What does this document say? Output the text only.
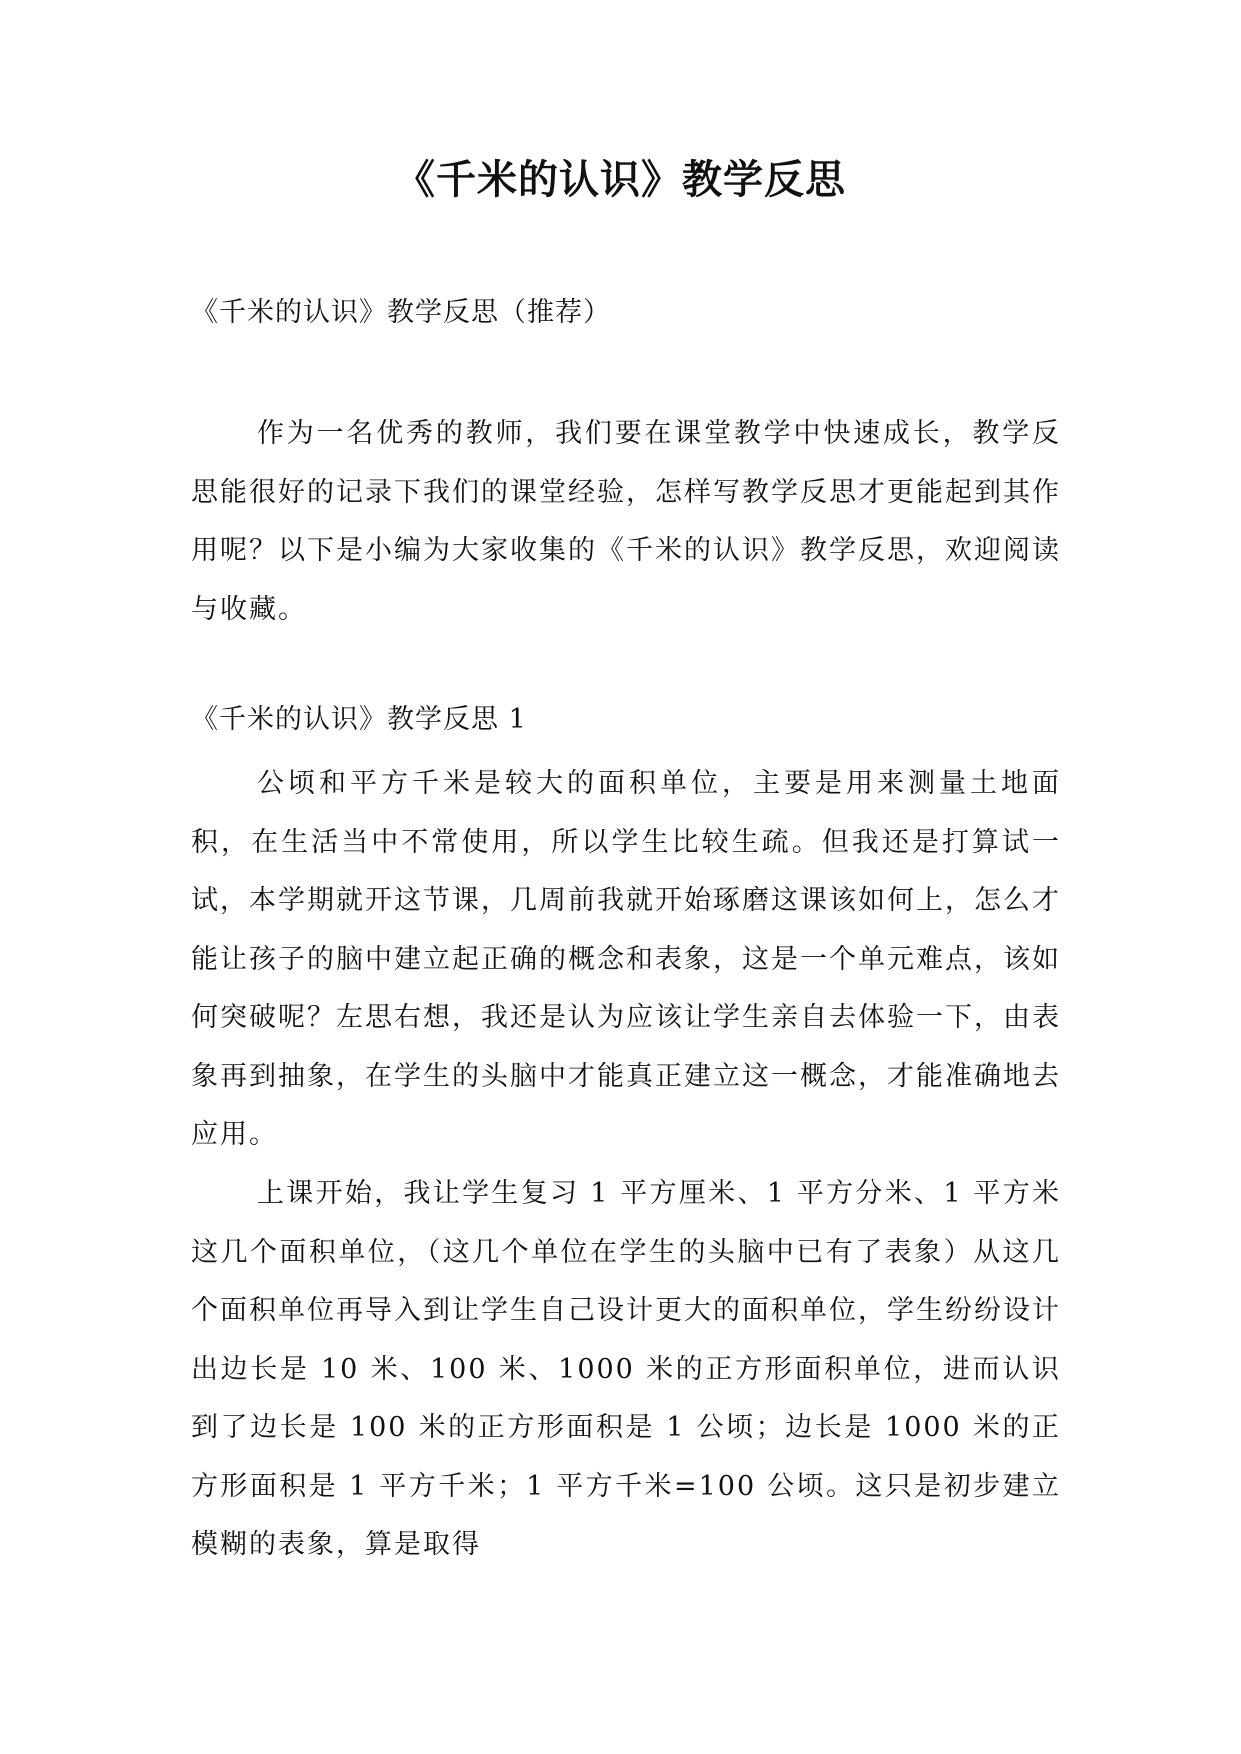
《千米的认识》教学反思
《千米的认识》教学反思（推荐）

作为一名优秀的教师，我们要在课堂教学中快速成长，教学反思能很好的记录下我们的课堂经验，怎样写教学反思才更能起到其作用呢？以下是小编为大家收集的《千米的认识》教学反思，欢迎阅读与收藏。

《千米的认识》教学反思 1

公顷和平方千米是较大的面积单位，主要是用来测量土地面积，在生活当中不常使用，所以学生比较生疏。但我还是打算试一试，本学期就开这节课，几周前我就开始琢磨这课该如何上，怎么才能让孩子的脑中建立起正确的概念和表象，这是一个单元难点，该如何突破呢？左思右想，我还是认为应该让学生亲自去体验一下，由表象再到抽象，在学生的头脑中才能真正建立这一概念，才能准确地去应用。

上课开始，我让学生复习 1 平方厘米、1 平方分米、1 平方米这几个面积单位，（这几个单位在学生的头脑中已有了表象）从这几个面积单位再导入到让学生自己设计更大的面积单位，学生纷纷设计出边长是 10 米、100 米、1000 米的正方形面积单位，进而认识到了边长是 100 米的正方形面积是 1 公顷；边长是 1000 米的正方形面积是 1 平方千米；1 平方千米=100 公顷。这只是初步建立模糊的表象，算是取得
